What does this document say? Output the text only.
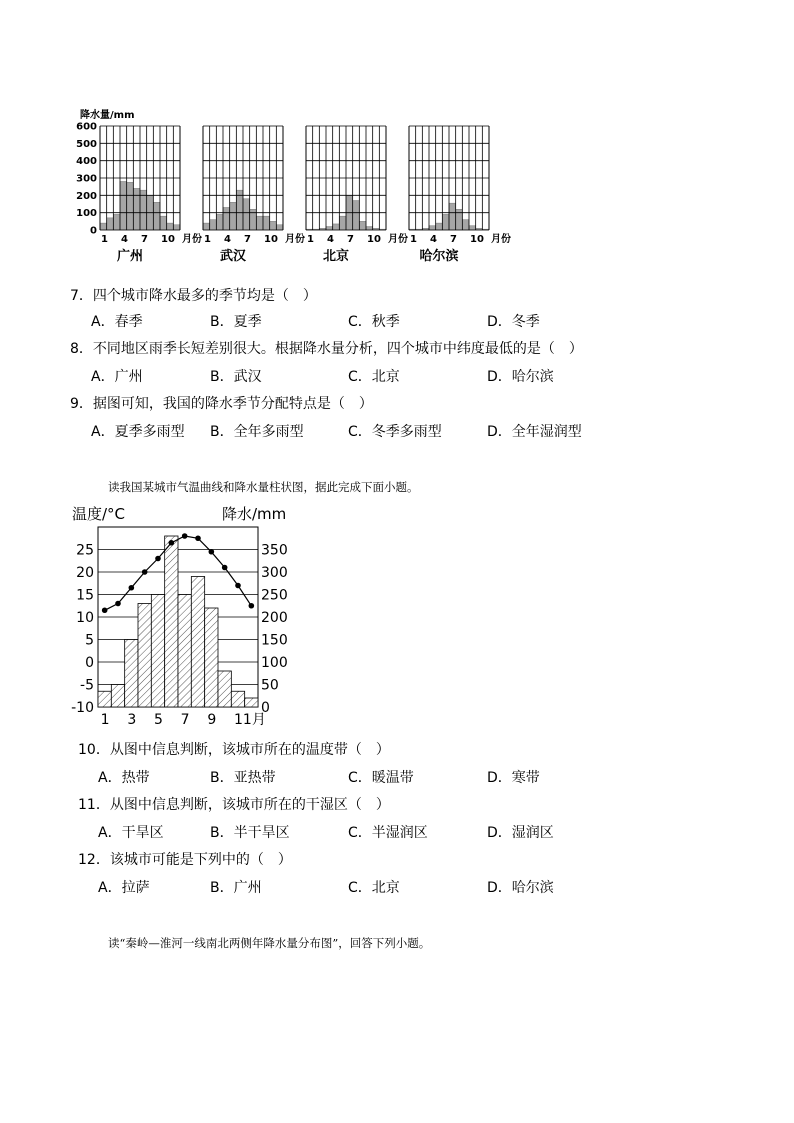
降水量/mm
0
100
200
300
400
500
600
1 4 7 10 月份
广州
1 4 7 10 月份
武汉
1 4 7 10 月份
北京
1 4 7 10 月份
哈尔滨
7．四个城市降水最多的季节均是（　）
A．春季	B．夏季	C．秋季	D．冬季
8．不同地区雨季长短差别很大。根据降水量分析，四个城市中纬度最低的是（　）
A．广州	B．武汉	C．北京	D．哈尔滨
9．据图可知，我国的降水季节分配特点是（　）
A．夏季多雨型 B．全年多雨型	C．冬季多雨型	D．全年湿润型
读我国某城市气温曲线和降水量柱状图，据此完成下面小题。
温度/°C	降水/mm
25
20
15
10
5
0
-5
-10
350
300
250
200
150
100
50
0
1 3 5 7 9 11月
10．从图中信息判断，该城市所在的温度带（　）
A．热带	B．亚热带	C．暖温带	D．寒带
11．从图中信息判断，该城市所在的干湿区（　）
A．干旱区	B．半干旱区	C．半湿润区	D．湿润区
12．该城市可能是下列中的（　）
A．拉萨	B．广州	C．北京	D．哈尔滨
读“秦岭—淮河一线南北两侧年降水量分布图”，回答下列小题。
